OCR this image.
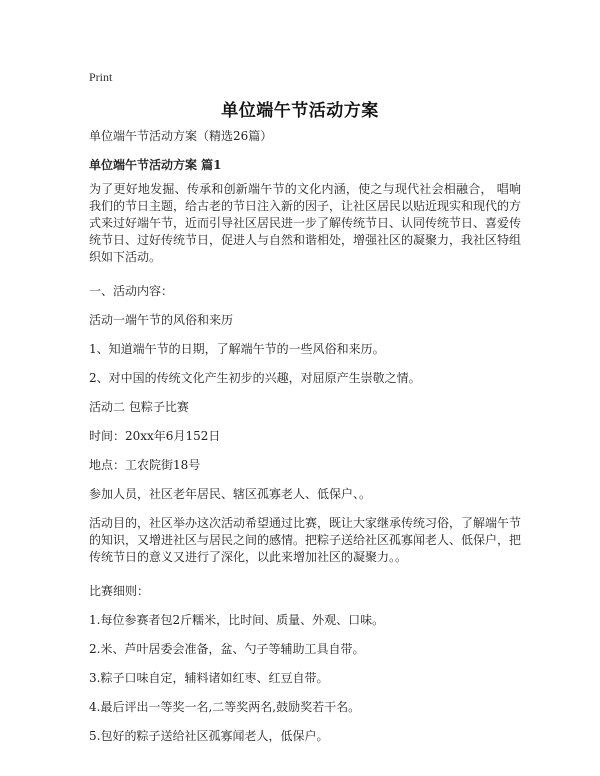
Print
单位端午节活动方案

单位端午节活动方案（精选26篇）

单位端午节活动方案 篇1

为了更好地发掘、传承和创新端午节的文化内涵，使之与现代社会相融合， 唱响我们的节日主题，给古老的节日注入新的因子，让社区居民以贴近现实和现代的方式来过好端午节，近而引导社区居民进一步了解传统节日、认同传统节日、喜爱传统节日、过好传统节日，促进人与自然和谐相处，增强社区的凝聚力，我社区特组织如下活动。

一、活动内容：

活动一端午节的风俗和来历

1、知道端午节的日期，了解端午节的一些风俗和来历。

2、对中国的传统文化产生初步的兴趣，对屈原产生崇敬之情。

活动二 包粽子比赛

时间：20xx年6月152日

地点：工农院街18号

参加人员，社区老年居民、辖区孤寡老人、低保户、。

活动目的，社区举办这次活动希望通过比赛，既让大家继承传统习俗，了解端午节的知识，又增进社区与居民之间的感情。把粽子送给社区孤寡闻老人、低保户，把传统节日的意义又进行了深化，以此来增加社区的凝聚力。。

比赛细则：

1.每位参赛者包2斤糯米，比时间、质量、外观、口味。

2.米、芦叶居委会准备，盆、勺子等辅助工具自带。

3.粽子口味自定，辅料诸如红枣、红豆自带。

4.最后评出一等奖一名,二等奖两名,鼓励奖若干名。

5.包好的粽子送给社区孤寡闻老人，低保户。
